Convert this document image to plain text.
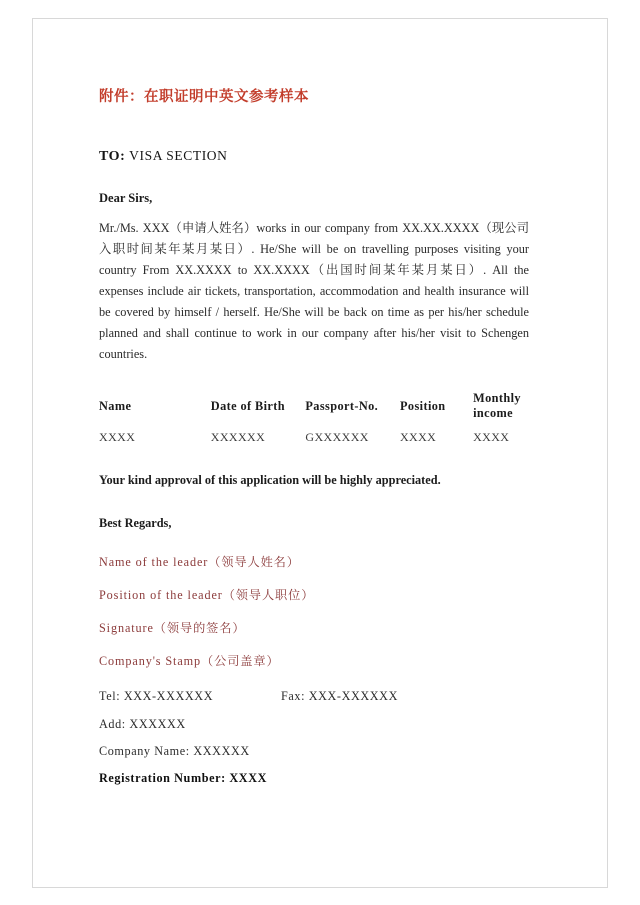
附件：在职证明中英文参考样本
TO: VISA SECTION
Dear Sirs,
Mr./Ms. XXX（申请人姓名）works in our company from XX.XX.XXXX（现公司入职时间某年某月某日）. He/She will be on travelling purposes visiting your country From XX.XXXX to XX.XXXX（出国时间某年某月某日）. All the expenses include air tickets, transportation, accommodation and health insurance will be covered by himself / herself. He/She will be back on time as per his/her schedule planned and shall continue to work in our company after his/her visit to Schengen countries.
Name	Date of Birth	Passport-No.	Position	Monthly income
XXXX	XXXXXX	GXXXXXX	XXXX	XXXX
Your kind approval of this application will be highly appreciated.
Best Regards,
Name of the leader（领导人姓名）
Position of the leader（领导人职位）
Signature（领导的签名）
Company's Stamp（公司盖章）
Tel: XXX-XXXXXX	Fax: XXX-XXXXXX
Add: XXXXXX
Company Name: XXXXXX
Registration Number: XXXX
